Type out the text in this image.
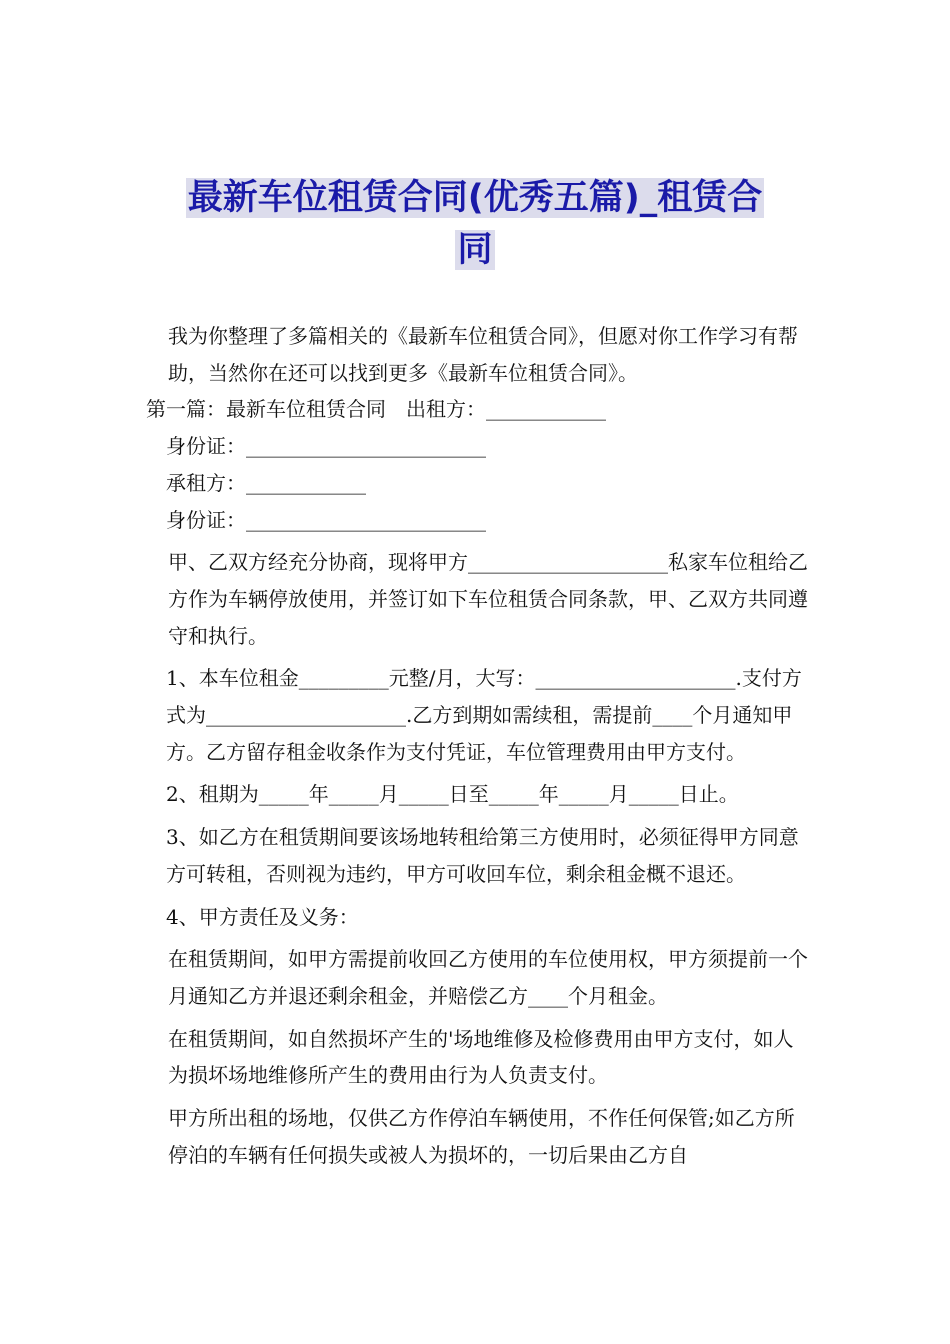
最新车位租赁合同(优秀五篇)_租赁合
同

我为你整理了多篇相关的《最新车位租赁合同》，但愿对你工作学习有帮助，当然你在还可以找到更多《最新车位租赁合同》。

第一篇：最新车位租赁合同　出租方：____________

身份证：________________________

承租方：____________

身份证：________________________

甲、乙双方经充分协商，现将甲方____________________私家车位租给乙方作为车辆停放使用，并签订如下车位租赁合同条款，甲、乙双方共同遵守和执行。

1、本车位租金_________元整/月，大写：____________________.支付方式为____________________.乙方到期如需续租，需提前____个月通知甲方。乙方留存租金收条作为支付凭证，车位管理费用由甲方支付。

2、租期为_____年_____月_____日至_____年_____月_____日止。

3、如乙方在租赁期间要该场地转租给第三方使用时，必须征得甲方同意方可转租，否则视为违约，甲方可收回车位，剩余租金概不退还。

4、甲方责任及义务：

在租赁期间，如甲方需提前收回乙方使用的车位使用权，甲方须提前一个月通知乙方并退还剩余租金，并赔偿乙方____个月租金。

在租赁期间，如自然损坏产生的'场地维修及检修费用由甲方支付，如人为损坏场地维修所产生的费用由行为人负责支付。

甲方所出租的场地，仅供乙方作停泊车辆使用，不作任何保管;如乙方所停泊的车辆有任何损失或被人为损坏的，一切后果由乙方自
